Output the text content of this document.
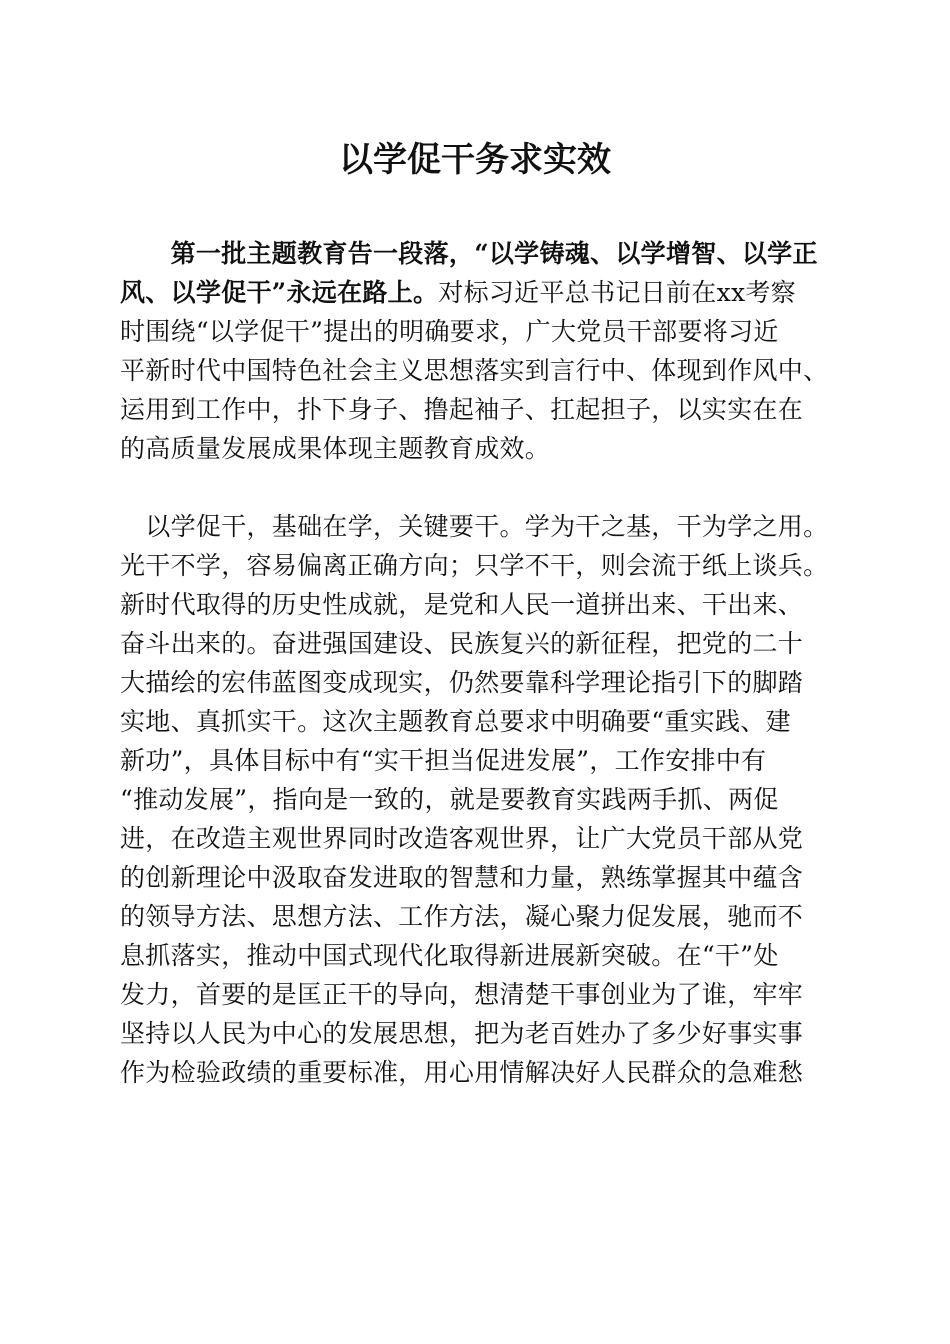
以学促干务求实效
　　第一批主题教育告一段落，“以学铸魂、以学增智、以学正
风、以学促干”永远在路上。对标习近平总书记日前在xx考察
时围绕“以学促干”提出的明确要求，广大党员干部要将习近
平新时代中国特色社会主义思想落实到言行中、体现到作风中、
运用到工作中，扑下身子、撸起袖子、扛起担子，以实实在在
的高质量发展成果体现主题教育成效。
　以学促干，基础在学，关键要干。学为干之基，干为学之用。
光干不学，容易偏离正确方向；只学不干，则会流于纸上谈兵。
新时代取得的历史性成就，是党和人民一道拼出来、干出来、
奋斗出来的。奋进强国建设、民族复兴的新征程，把党的二十
大描绘的宏伟蓝图变成现实，仍然要靠科学理论指引下的脚踏
实地、真抓实干。这次主题教育总要求中明确要“重实践、建
新功”，具体目标中有“实干担当促进发展”，工作安排中有
“推动发展”，指向是一致的，就是要教育实践两手抓、两促
进，在改造主观世界同时改造客观世界，让广大党员干部从党
的创新理论中汲取奋发进取的智慧和力量，熟练掌握其中蕴含
的领导方法、思想方法、工作方法，凝心聚力促发展，驰而不
息抓落实，推动中国式现代化取得新进展新突破。在“干”处
发力，首要的是匡正干的导向，想清楚干事创业为了谁，牢牢
坚持以人民为中心的发展思想，把为老百姓办了多少好事实事
作为检验政绩的重要标准，用心用情解决好人民群众的急难愁
